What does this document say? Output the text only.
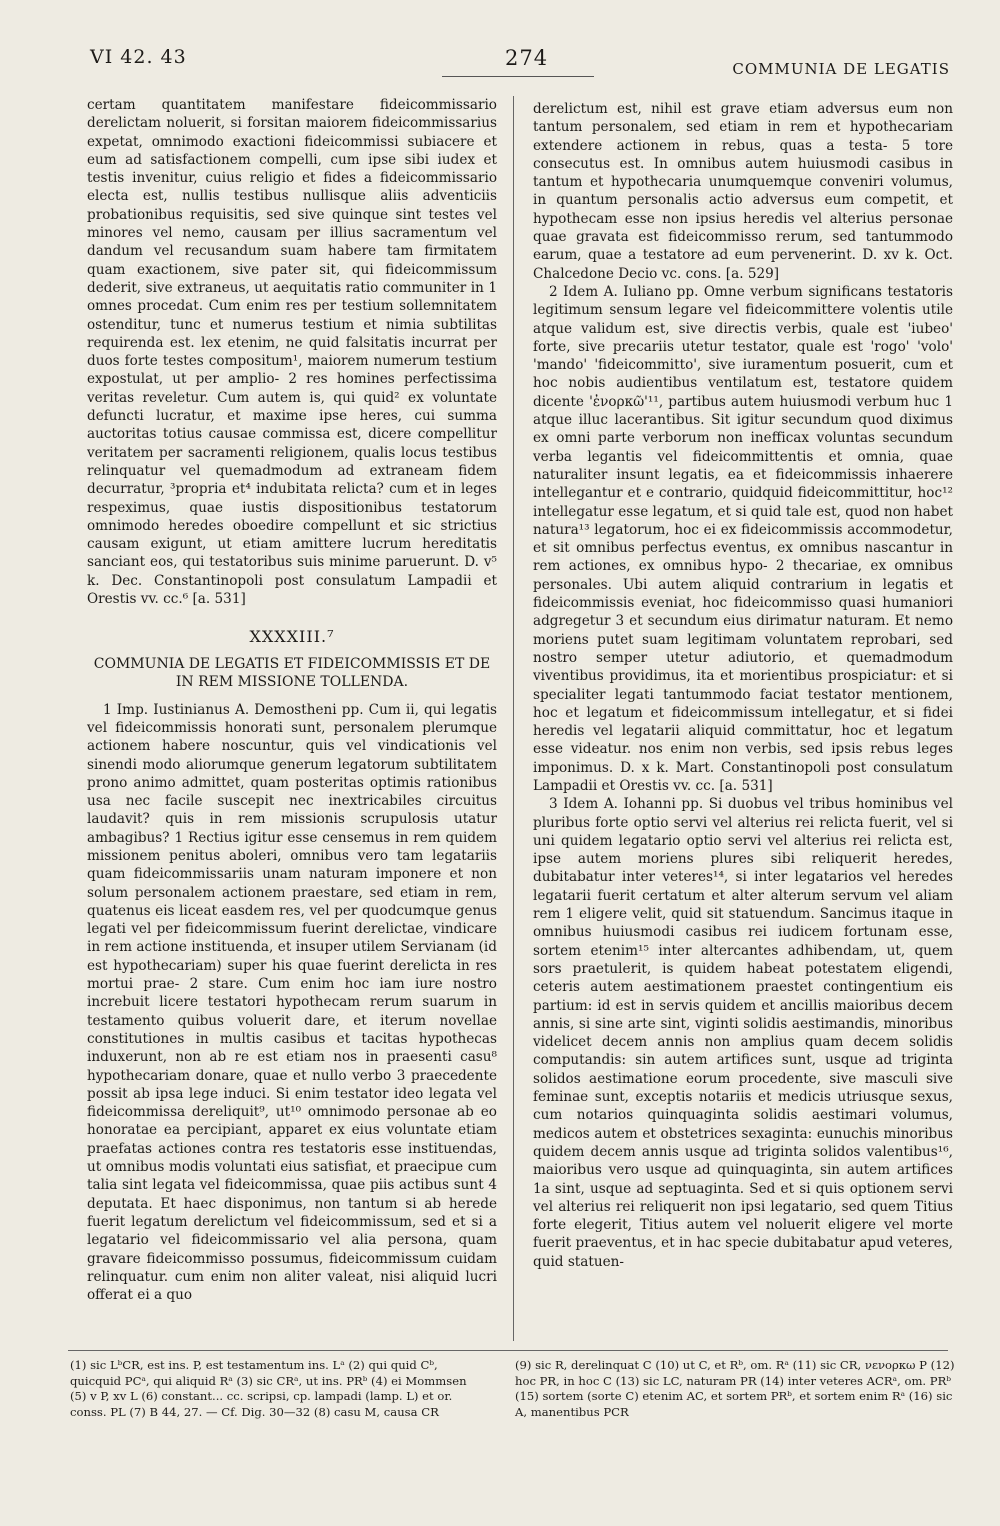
VI 42. 43	274	COMMUNIA DE LEGATIS

certam quantitatem manifestare fideicommissario derelictam noluerit, si forsitan maiorem fideicommissarius expetat, omnimodo exactioni fideicommissi subiacere et eum ad satisfactionem compelli, cum ipse sibi iudex et testis invenitur, cuius religio et fides a fideicommissario electa est, nullis testibus nullisque aliis adventiciis probationibus requisitis, sed sive quinque sint testes vel minores vel nemo, causam per illius sacramentum vel dandum vel recusandum suam habere tam firmitatem quam exactionem, sive pater sit, qui fideicommissum dederit, sive extraneus, ut aequitatis ratio communiter in 1 omnes procedat. Cum enim res per testium sollemnitatem ostenditur, tunc et numerus testium et nimia subtilitas requirenda est. lex etenim, ne quid falsitatis incurrat per duos forte testes compositum¹, maiorem numerum testium expostulat, ut per amplio- 2 res homines perfectissima veritas reveletur. Cum autem is, qui quid² ex voluntate defuncti lucratur, et maxime ipse heres, cui summa auctoritas totius causae commissa est, dicere compellitur veritatem per sacramenti religionem, qualis locus testibus relinquatur vel quemadmodum ad extraneam fidem decurratur, ³propria et⁴ indubitata relicta? cum et in leges respeximus, quae iustis dispositionibus testatorum omnimodo heredes oboedire compellunt et sic strictius causam exigunt, ut etiam amittere lucrum hereditatis sanciant eos, qui testatoribus suis minime paruerunt. D. v⁵ k. Dec. Constantinopoli post consulatum Lampadii et Orestis vv. cc.⁶ [a. 531]

XXXXIII.⁷
COMMUNIA DE LEGATIS ET FIDEICOMMISSIS ET DE IN REM MISSIONE TOLLENDA.

1 Imp. Iustinianus A. Demostheni pp. Cum ii, qui legatis vel fideicommissis honorati sunt, personalem plerumque actionem habere noscuntur, quis vel vindicationis vel sinendi modo aliorumque generum legatorum subtilitatem prono animo admittet, quam posteritas optimis rationibus usa nec facile suscepit nec inextricabiles circuitus laudavit? quis in rem missionis scrupulosis utatur ambagibus? 1 Rectius igitur esse censemus in rem quidem missionem penitus aboleri, omnibus vero tam legatariis quam fideicommissariis unam naturam imponere et non solum personalem actionem praestare, sed etiam in rem, quatenus eis liceat easdem res, vel per quodcumque genus legati vel per fideicommissum fuerint derelictae, vindicare in rem actione instituenda, et insuper utilem Servianam (id est hypothecariam) super his quae fuerint derelicta in res mortui prae- 2 stare. Cum enim hoc iam iure nostro increbuit licere testatori hypothecam rerum suarum in testamento quibus voluerit dare, et iterum novellae constitutiones in multis casibus et tacitas hypothecas induxerunt, non ab re est etiam nos in praesenti casu⁸ hypothecariam donare, quae et nullo verbo 3 praecedente possit ab ipsa lege induci. Si enim testator ideo legata vel fideicommissa dereliquit⁹, ut¹⁰ omnimodo personae ab eo honoratae ea percipiant, apparet ex eius voluntate etiam praefatas actiones contra res testatoris esse instituendas, ut omnibus modis voluntati eius satisfiat, et praecipue cum talia sint legata vel fideicommissa, quae piis actibus sunt 4 deputata. Et haec disponimus, non tantum si ab herede fuerit legatum derelictum vel fideicommissum, sed et si a legatario vel fideicommissario vel alia persona, quam gravare fideicommisso possumus, fideicommissum cuidam relinquatur. cum enim non aliter valeat, nisi aliquid lucri offerat ei a quo

derelictum est, nihil est grave etiam adversus eum non tantum personalem, sed etiam in rem et hypothecariam extendere actionem in rebus, quas a testa- 5 tore consecutus est. In omnibus autem huiusmodi casibus in tantum et hypothecaria unumquemque conveniri volumus, in quantum personalis actio adversus eum competit, et hypothecam esse non ipsius heredis vel alterius personae quae gravata est fideicommisso rerum, sed tantummodo earum, quae a testatore ad eum pervenerint. D. xv k. Oct. Chalcedone Decio vc. cons. [a. 529]

2 Idem A. Iuliano pp. Omne verbum significans testatoris legitimum sensum legare vel fideicommittere volentis utile atque validum est, sive directis verbis, quale est 'iubeo' forte, sive precariis utetur testator, quale est 'rogo' 'volo' 'mando' 'fideicommitto', sive iuramentum posuerit, cum et hoc nobis audientibus ventilatum est, testatore quidem dicente 'ἐνορκῶ'¹¹, partibus autem huiusmodi verbum huc 1 atque illuc lacerantibus. Sit igitur secundum quod diximus ex omni parte verborum non inefficax voluntas secundum verba legantis vel fideicommittentis et omnia, quae naturaliter insunt legatis, ea et fideicommissis inhaerere intellegantur et e contrario, quidquid fideicommittitur, hoc¹² intellegatur esse legatum, et si quid tale est, quod non habet natura¹³ legatorum, hoc ei ex fideicommissis accommodetur, et sit omnibus perfectus eventus, ex omnibus nascantur in rem actiones, ex omnibus hypo- 2 thecariae, ex omnibus personales. Ubi autem aliquid contrarium in legatis et fideicommissis eveniat, hoc fideicommisso quasi humaniori adgregetur 3 et secundum eius dirimatur naturam. Et nemo moriens putet suam legitimam voluntatem reprobari, sed nostro semper utetur adiutorio, et quemadmodum viventibus providimus, ita et morientibus prospiciatur: et si specialiter legati tantummodo faciat testator mentionem, hoc et legatum et fideicommissum intellegatur, et si fidei heredis vel legatarii aliquid committatur, hoc et legatum esse videatur. nos enim non verbis, sed ipsis rebus leges imponimus. D. x k. Mart. Constantinopoli post consulatum Lampadii et Orestis vv. cc. [a. 531]

3 Idem A. Iohanni pp. Si duobus vel tribus hominibus vel pluribus forte optio servi vel alterius rei relicta fuerit, vel si uni quidem legatario optio servi vel alterius rei relicta est, ipse autem moriens plures sibi reliquerit heredes, dubitabatur inter veteres¹⁴, si inter legatarios vel heredes legatarii fuerit certatum et alter alterum servum vel aliam rem 1 eligere velit, quid sit statuendum. Sancimus itaque in omnibus huiusmodi casibus rei iudicem fortunam esse, sortem etenim¹⁵ inter altercantes adhibendam, ut, quem sors praetulerit, is quidem habeat potestatem eligendi, ceteris autem aestimationem praestet contingentium eis partium: id est in servis quidem et ancillis maioribus decem annis, si sine arte sint, viginti solidis aestimandis, minoribus videlicet decem annis non amplius quam decem solidis computandis: sin autem artifices sunt, usque ad triginta solidos aestimatione eorum procedente, sive masculi sive feminae sunt, exceptis notariis et medicis utriusque sexus, cum notarios quinquaginta solidis aestimari volumus, medicos autem et obstetrices sexaginta: eunuchis minoribus quidem decem annis usque ad triginta solidos valentibus¹⁶, maioribus vero usque ad quinquaginta, sin autem artifices 1a sint, usque ad septuaginta. Sed et si quis optionem servi vel alterius rei reliquerit non ipsi legatario, sed quem Titius forte elegerit, Titius autem vel noluerit eligere vel morte fuerit praeventus, et in hac specie dubitabatur apud veteres, quid statuen-

(1) sic LᵇCR, est ins. P, est testamentum ins. Lᵃ (2) qui quid Cᵇ, quicquid PCᵃ, qui aliquid Rᵃ (3) sic CRᵃ, ut ins. PRᵇ (4) ei Mommsen (5) v P, xv L (6) constant... cc. scripsi, cp. lampadi (lamp. L) et or. conss. PL (7) B 44, 27. — Cf. Dig. 30—32 (8) casu M, causa CR

(9) sic R, derelinquat C (10) ut C, et Rᵇ, om. Rᵃ (11) sic CR, νενορκω P (12) hoc PR, in hoc C (13) sic LC, naturam PR (14) inter veteres ACRᵃ, om. PRᵇ (15) sortem (sorte C) etenim AC, et sortem PRᵇ, et sortem enim Rᵃ (16) sic A, manentibus PCR
